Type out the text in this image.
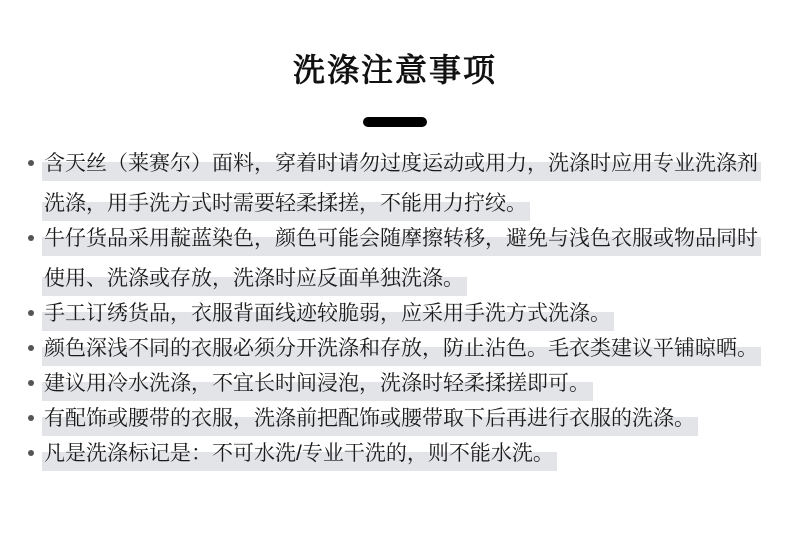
洗涤注意事项
含天丝（莱赛尔）面料，穿着时请勿过度运动或用力，洗涤时应用专业洗涤剂洗涤，用手洗方式时需要轻柔揉搓，不能用力拧绞。
牛仔货品采用靛蓝染色，颜色可能会随摩擦转移，避免与浅色衣服或物品同时使用、洗涤或存放，洗涤时应反面单独洗涤。
手工订绣货品，衣服背面线迹较脆弱，应采用手洗方式洗涤。
颜色深浅不同的衣服必须分开洗涤和存放，防止沾色。毛衣类建议平铺晾晒。
建议用冷水洗涤，不宜长时间浸泡，洗涤时轻柔揉搓即可。
有配饰或腰带的衣服，洗涤前把配饰或腰带取下后再进行衣服的洗涤。
凡是洗涤标记是：不可水洗/专业干洗的，则不能水洗。
